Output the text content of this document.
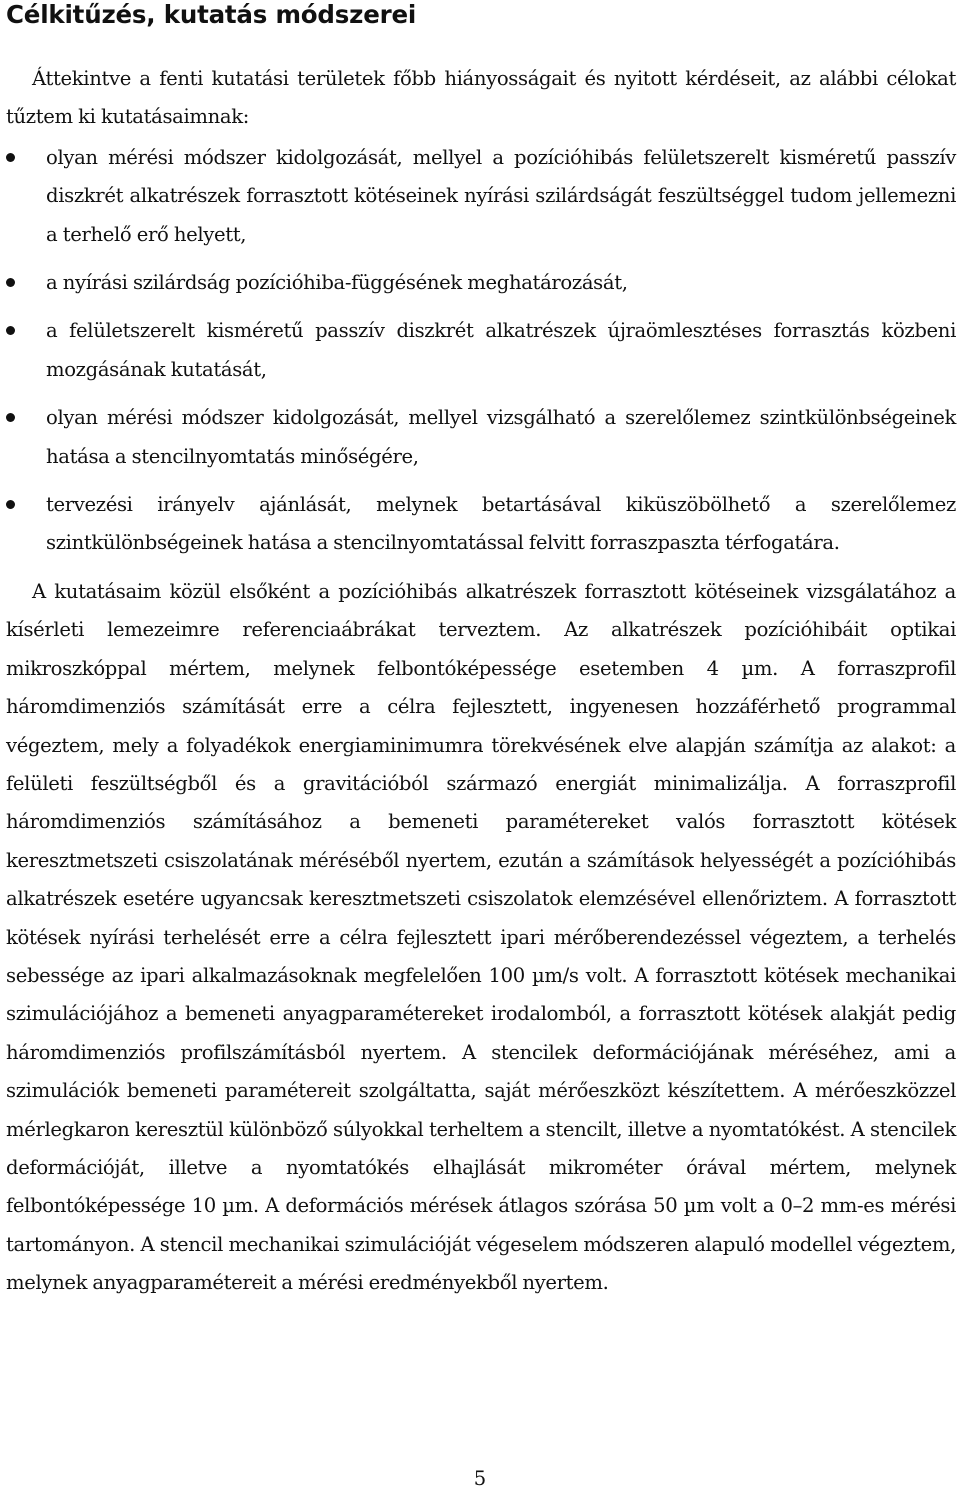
Célkitűzés, kutatás módszerei

Áttekintve a fenti kutatási területek főbb hiányosságait és nyitott kérdéseit, az alábbi célokat tűztem ki kutatásaimnak:

olyan mérési módszer kidolgozását, mellyel a pozícióhibás felületszerelt kisméretű passzív diszkrét alkatrészek forrasztott kötéseinek nyírási szilárdságát feszültséggel tudom jellemezni a terhelő erő helyett,
a nyírási szilárdság pozícióhiba-függésének meghatározását,
a felületszerelt kisméretű passzív diszkrét alkatrészek újraömlesztéses forrasztás közbeni mozgásának kutatását,
olyan mérési módszer kidolgozását, mellyel vizsgálható a szerelőlemez szintkülönbségeinek hatása a stencilnyomtatás minőségére,
tervezési irányelv ajánlását, melynek betartásával kiküszöbölhető a szerelőlemez szintkülönbségeinek hatása a stencilnyomtatással felvitt forraszpaszta térfogatára.

A kutatásaim közül elsőként a pozícióhibás alkatrészek forrasztott kötéseinek vizsgálatához a kísérleti lemezeimre referenciaábrákat terveztem. Az alkatrészek pozícióhibáit optikai mikroszkóppal mértem, melynek felbontóképessége esetemben 4 µm. A forraszprofil háromdimenziós számítását erre a célra fejlesztett, ingyenesen hozzáférhető programmal végeztem, mely a folyadékok energiaminimumra törekvésének elve alapján számítja az alakot: a felületi feszültségből és a gravitációból származó energiát minimalizálja. A forraszprofil háromdimenziós számításához a bemeneti paramétereket valós forrasztott kötések keresztmetszeti csiszolatának méréséből nyertem, ezután a számítások helyességét a pozícióhibás alkatrészek esetére ugyancsak keresztmetszeti csiszolatok elemzésével ellenőriztem. A forrasztott kötések nyírási terhelését erre a célra fejlesztett ipari mérőberendezéssel végeztem, a terhelés sebessége az ipari alkalmazásoknak megfelelően 100 µm/s volt. A forrasztott kötések mechanikai szimulációjához a bemeneti anyagparamétereket irodalomból, a forrasztott kötések alakját pedig háromdimenziós profilszámításból nyertem. A stencilek deformációjának méréséhez, ami a szimulációk bemeneti paramétereit szolgáltatta, saját mérőeszközt készítettem. A mérőeszközzel mérlegkaron keresztül különböző súlyokkal terheltem a stencilt, illetve a nyomtatókést. A stencilek deformációját, illetve a nyomtatókés elhajlását mikrométer órával mértem, melynek felbontóképessége 10 µm. A deformációs mérések átlagos szórása 50 µm volt a 0–2 mm-es mérési tartományon. A stencil mechanikai szimulációját végeselem módszeren alapuló modellel végeztem, melynek anyagparamétereit a mérési eredményekből nyertem.

5
